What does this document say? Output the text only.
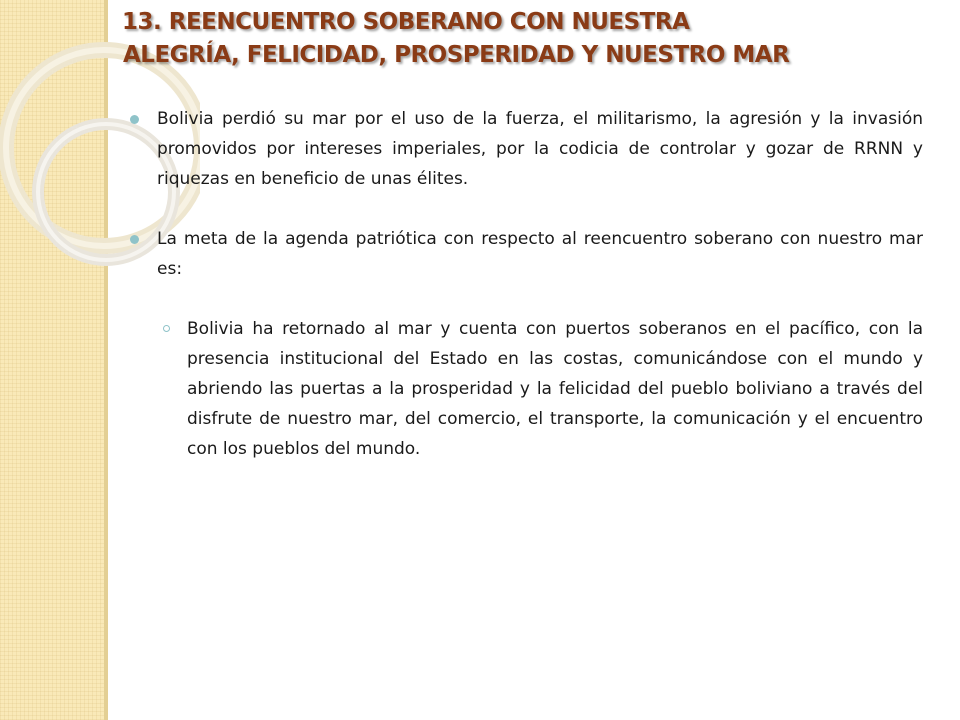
13. REENCUENTRO SOBERANO CON NUESTRA
ALEGRÍA, FELICIDAD, PROSPERIDAD Y NUESTRO MAR

Bolivia perdió su mar por el uso de la fuerza, el militarismo, la agresión y la invasión promovidos por intereses imperiales, por la codicia de controlar y gozar de RRNN y riquezas en beneficio de unas élites.

La meta de la agenda patriótica con respecto al reencuentro soberano con nuestro mar es:

Bolivia ha retornado al mar y cuenta con puertos soberanos en el pacífico, con la presencia institucional del Estado en las costas, comunicándose con el mundo y abriendo las puertas a la prosperidad y la felicidad del pueblo boliviano a través del disfrute de nuestro mar, del comercio, el transporte, la comunicación y el encuentro con los pueblos del mundo.
